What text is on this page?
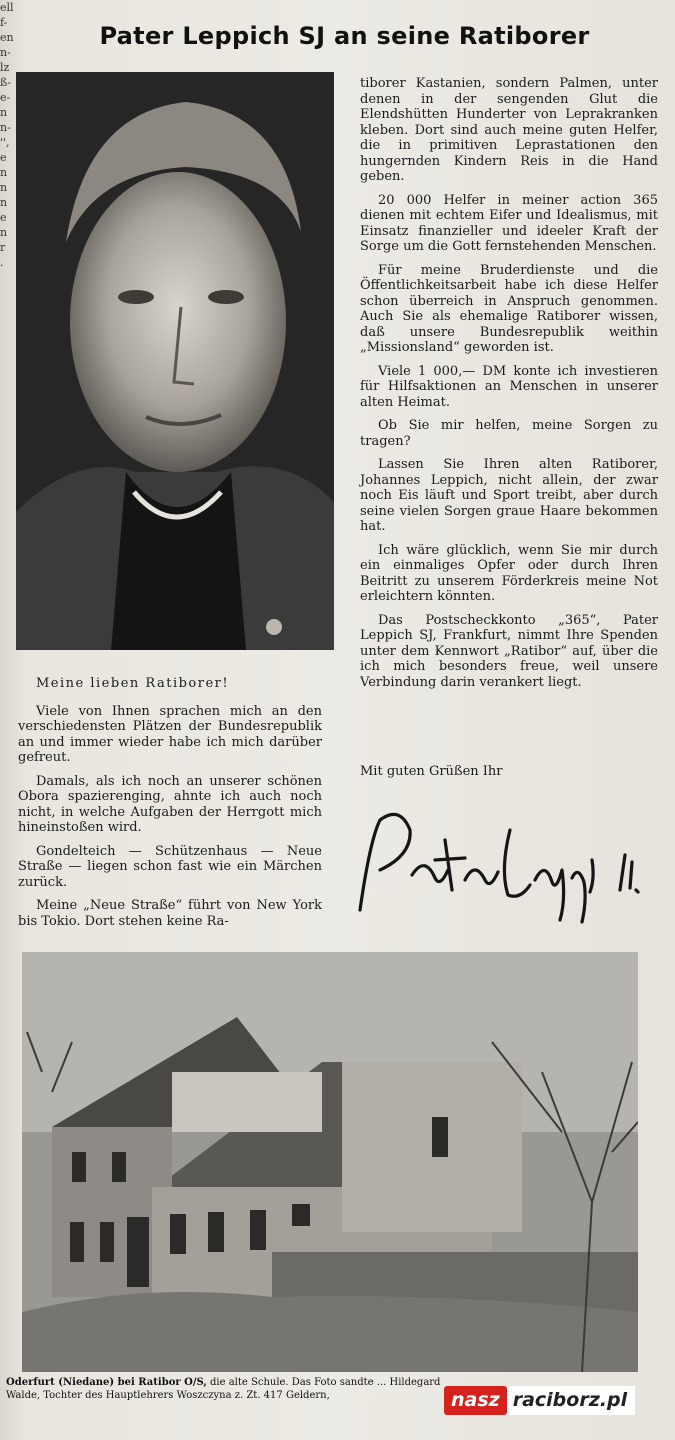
ell
f-
en
n-
lz
ß-
e-
n
n-
'',
e
n
n
n
e
n
r
.
Pater Leppich SJ an seine Ratiborer

tiborer Kastanien, sondern Palmen, unter denen in der sengenden Glut die Elendshütten Hunderter von Leprakranken kleben. Dort sind auch meine guten Helfer, die in primitiven Leprastationen den hungernden Kindern Reis in die Hand geben.

20 000 Helfer in meiner action 365 dienen mit echtem Eifer und Idealismus, mit Einsatz finanzieller und ideeler Kraft der Sorge um die Gott fernstehenden Menschen.

Für meine Bruderdienste und die Öffentlichkeitsarbeit habe ich diese Helfer schon überreich in Anspruch genommen. Auch Sie als ehemalige Ratiborer wissen, daß unsere Bundesrepublik weithin „Missionsland“ geworden ist.

Viele 1 000,— DM konte ich investieren für Hilfsaktionen an Menschen in unserer alten Heimat.

Ob Sie mir helfen, meine Sorgen zu tragen?

Lassen Sie Ihren alten Ratiborer, Johannes Leppich, nicht allein, der zwar noch Eis läuft und Sport treibt, aber durch seine vielen Sorgen graue Haare bekommen hat.

Ich wäre glücklich, wenn Sie mir durch ein einmaliges Opfer oder durch Ihren Beitritt zu unserem Förderkreis meine Not erleichtern könnten.

Das Postscheckkonto „365“, Pater Leppich SJ, Frankfurt, nimmt Ihre Spenden unter dem Kennwort „Ratibor“ auf, über die ich mich besonders freue, weil unsere Verbindung darin verankert liegt.

Meine lieben Ratiborer!

Viele von Ihnen sprachen mich an den verschiedensten Plätzen der Bundesrepublik an und immer wieder habe ich mich darüber gefreut.

Damals, als ich noch an unserer schönen Obora spazierenging, ahnte ich auch noch nicht, in welche Aufgaben der Herrgott mich hineinstoßen wird.

Gondelteich — Schützenhaus — Neue Straße — liegen schon fast wie ein Märchen zurück.

Meine „Neue Straße“ führt von New York bis Tokio. Dort stehen keine Ra-

Mit guten Grüßen Ihr
Oderfurt (Niedane) bei Ratibor O/S, die alte Schule. Das Foto sandte ... Hildegard Walde, Tochter des Hauptlehrers Woszczyna z. Zt. 417 Geldern,	nasz raciborz.pl
